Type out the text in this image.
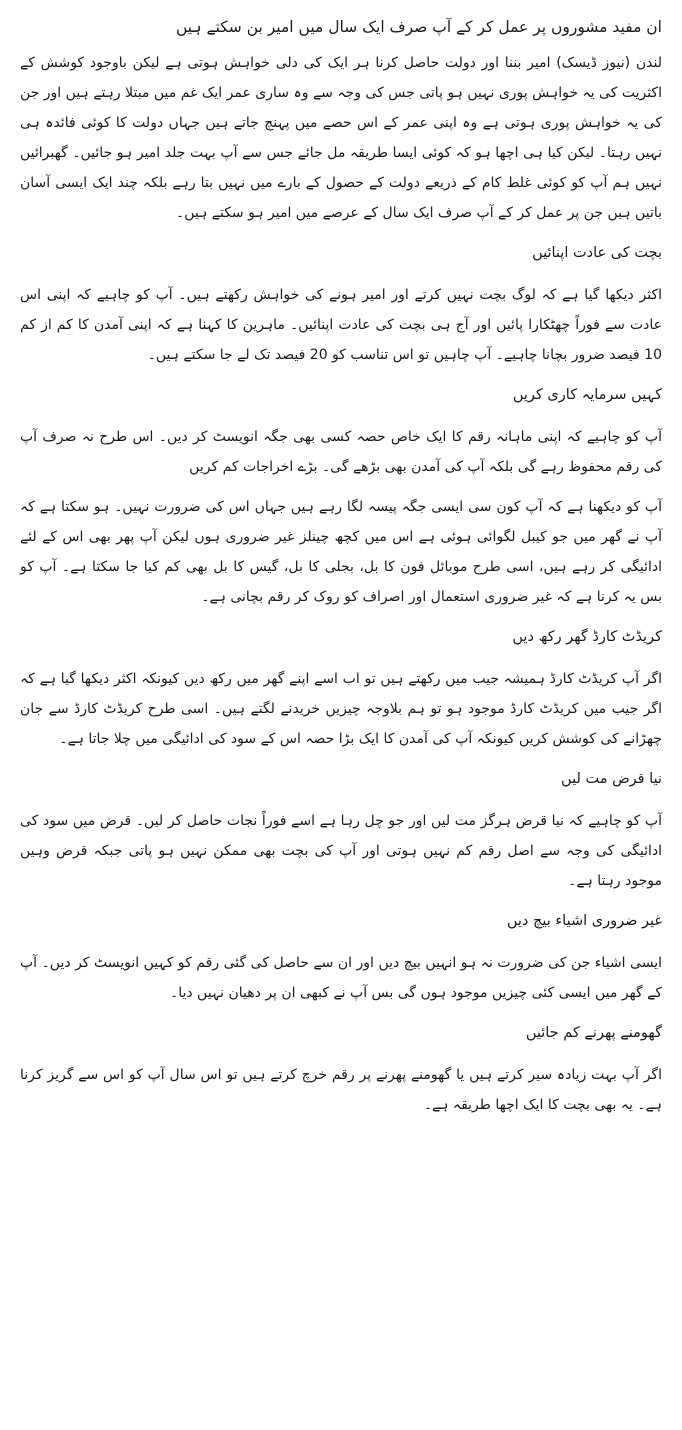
ان مفید مشوروں پر عمل کر کے آپ صرف ایک سال میں امیر بن سکتے ہیں

لندن (نیوز ڈیسک) امیر بننا اور دولت حاصل کرنا ہر ایک کی دلی خواہش ہوتی ہے لیکن باوجود کوشش کے اکثریت کی یہ خواہش پوری نہیں ہو پاتی جس کی وجہ سے وہ ساری عمر ایک غم میں مبتلا رہتے ہیں اور جن کی یہ خواہش پوری ہوتی ہے وہ اپنی عمر کے اس حصے میں پہنچ جاتے ہیں جہاں دولت کا کوئی فائدہ ہی نہیں رہتا۔ لیکن کیا ہی اچھا ہو کہ کوئی ایسا طریقہ مل جائے جس سے آپ بہت جلد امیر ہو جائیں۔ گھبرائیں نہیں ہم آپ کو کوئی غلط کام کے ذریعے دولت کے حصول کے بارے میں نہیں بتا رہے بلکہ چند ایک ایسی آسان باتیں ہیں جن پر عمل کر کے آپ صرف ایک سال کے عرصے میں امیر ہو سکتے ہیں۔

بچت کی عادت اپنائیں

اکثر دیکھا گیا ہے کہ لوگ بچت نہیں کرتے اور امیر ہونے کی خواہش رکھتے ہیں۔ آپ کو چاہیے کہ اپنی اس عادت سے فوراً چھٹکارا پائیں اور آج ہی بچت کی عادت اپنائیں۔ ماہرین کا کہنا ہے کہ اپنی آمدن کا کم از کم 10 فیصد ضرور بچانا چاہیے۔ آپ چاہیں تو اس تناسب کو 20 فیصد تک لے جا سکتے ہیں۔

کہیں سرمایہ کاری کریں

آپ کو چاہیے کہ اپنی ماہانہ رقم کا ایک خاص حصہ کسی بھی جگہ انویسٹ کر دیں۔ اس طرح نہ صرف آپ کی رقم محفوظ رہے گی بلکہ آپ کی آمدن بھی بڑھے گی۔ بڑے اخراجات کم کریں

آپ کو دیکھنا ہے کہ آپ کون سی ایسی جگہ پیسہ لگا رہے ہیں جہاں اس کی ضرورت نہیں۔ ہو سکتا ہے کہ آپ نے گھر میں جو کیبل لگوائی ہوئی ہے اس میں کچھ چینلز غیر ضروری ہوں لیکن آپ پھر بھی اس کے لئے ادائیگی کر رہے ہیں، اسی طرح موبائل فون کا بل، بجلی کا بل، گیس کا بل بھی کم کیا جا سکتا ہے۔ آپ کو بس یہ کرنا ہے کہ غیر ضروری استعمال اور اصراف کو روک کر رقم بچانی ہے۔

کریڈٹ کارڈ گھر رکھ دیں

اگر آپ کریڈٹ کارڈ ہمیشہ جیب میں رکھتے ہیں تو اب اسے اپنے گھر میں رکھ دیں کیونکہ اکثر دیکھا گیا ہے کہ اگر جیب میں کریڈٹ کارڈ موجود ہو تو ہم بلاوجہ چیزیں خریدنے لگتے ہیں۔ اسی طرح کریڈٹ کارڈ سے جان چھڑانے کی کوشش کریں کیونکہ آپ کی آمدن کا ایک بڑا حصہ اس کے سود کی ادائیگی میں چلا جاتا ہے۔

نیا قرض مت لیں

آپ کو چاہیے کہ نیا قرض ہرگز مت لیں اور جو چل رہا ہے اسے فوراً نجات حاصل کر لیں۔ قرض میں سود کی ادائیگی کی وجہ سے اصل رقم کم نہیں ہوتی اور آپ کی بچت بھی ممکن نہیں ہو پاتی جبکہ قرض وہیں موجود رہتا ہے۔

غیر ضروری اشیاء بیچ دیں

ایسی اشیاء جن کی ضرورت نہ ہو انہیں بیچ دیں اور ان سے حاصل کی گئی رقم کو کہیں انویسٹ کر دیں۔ آپ کے گھر میں ایسی کئی چیزیں موجود ہوں گی بس آپ نے کبھی ان پر دھیان نہیں دیا۔

گھومنے پھرنے کم جائیں

اگر آپ بہت زیادہ سیر کرتے ہیں یا گھومنے پھرنے پر رقم خرچ کرتے ہیں تو اس سال آپ کو اس سے گریز کرنا ہے۔ یہ بھی بچت کا ایک اچھا طریقہ ہے۔
